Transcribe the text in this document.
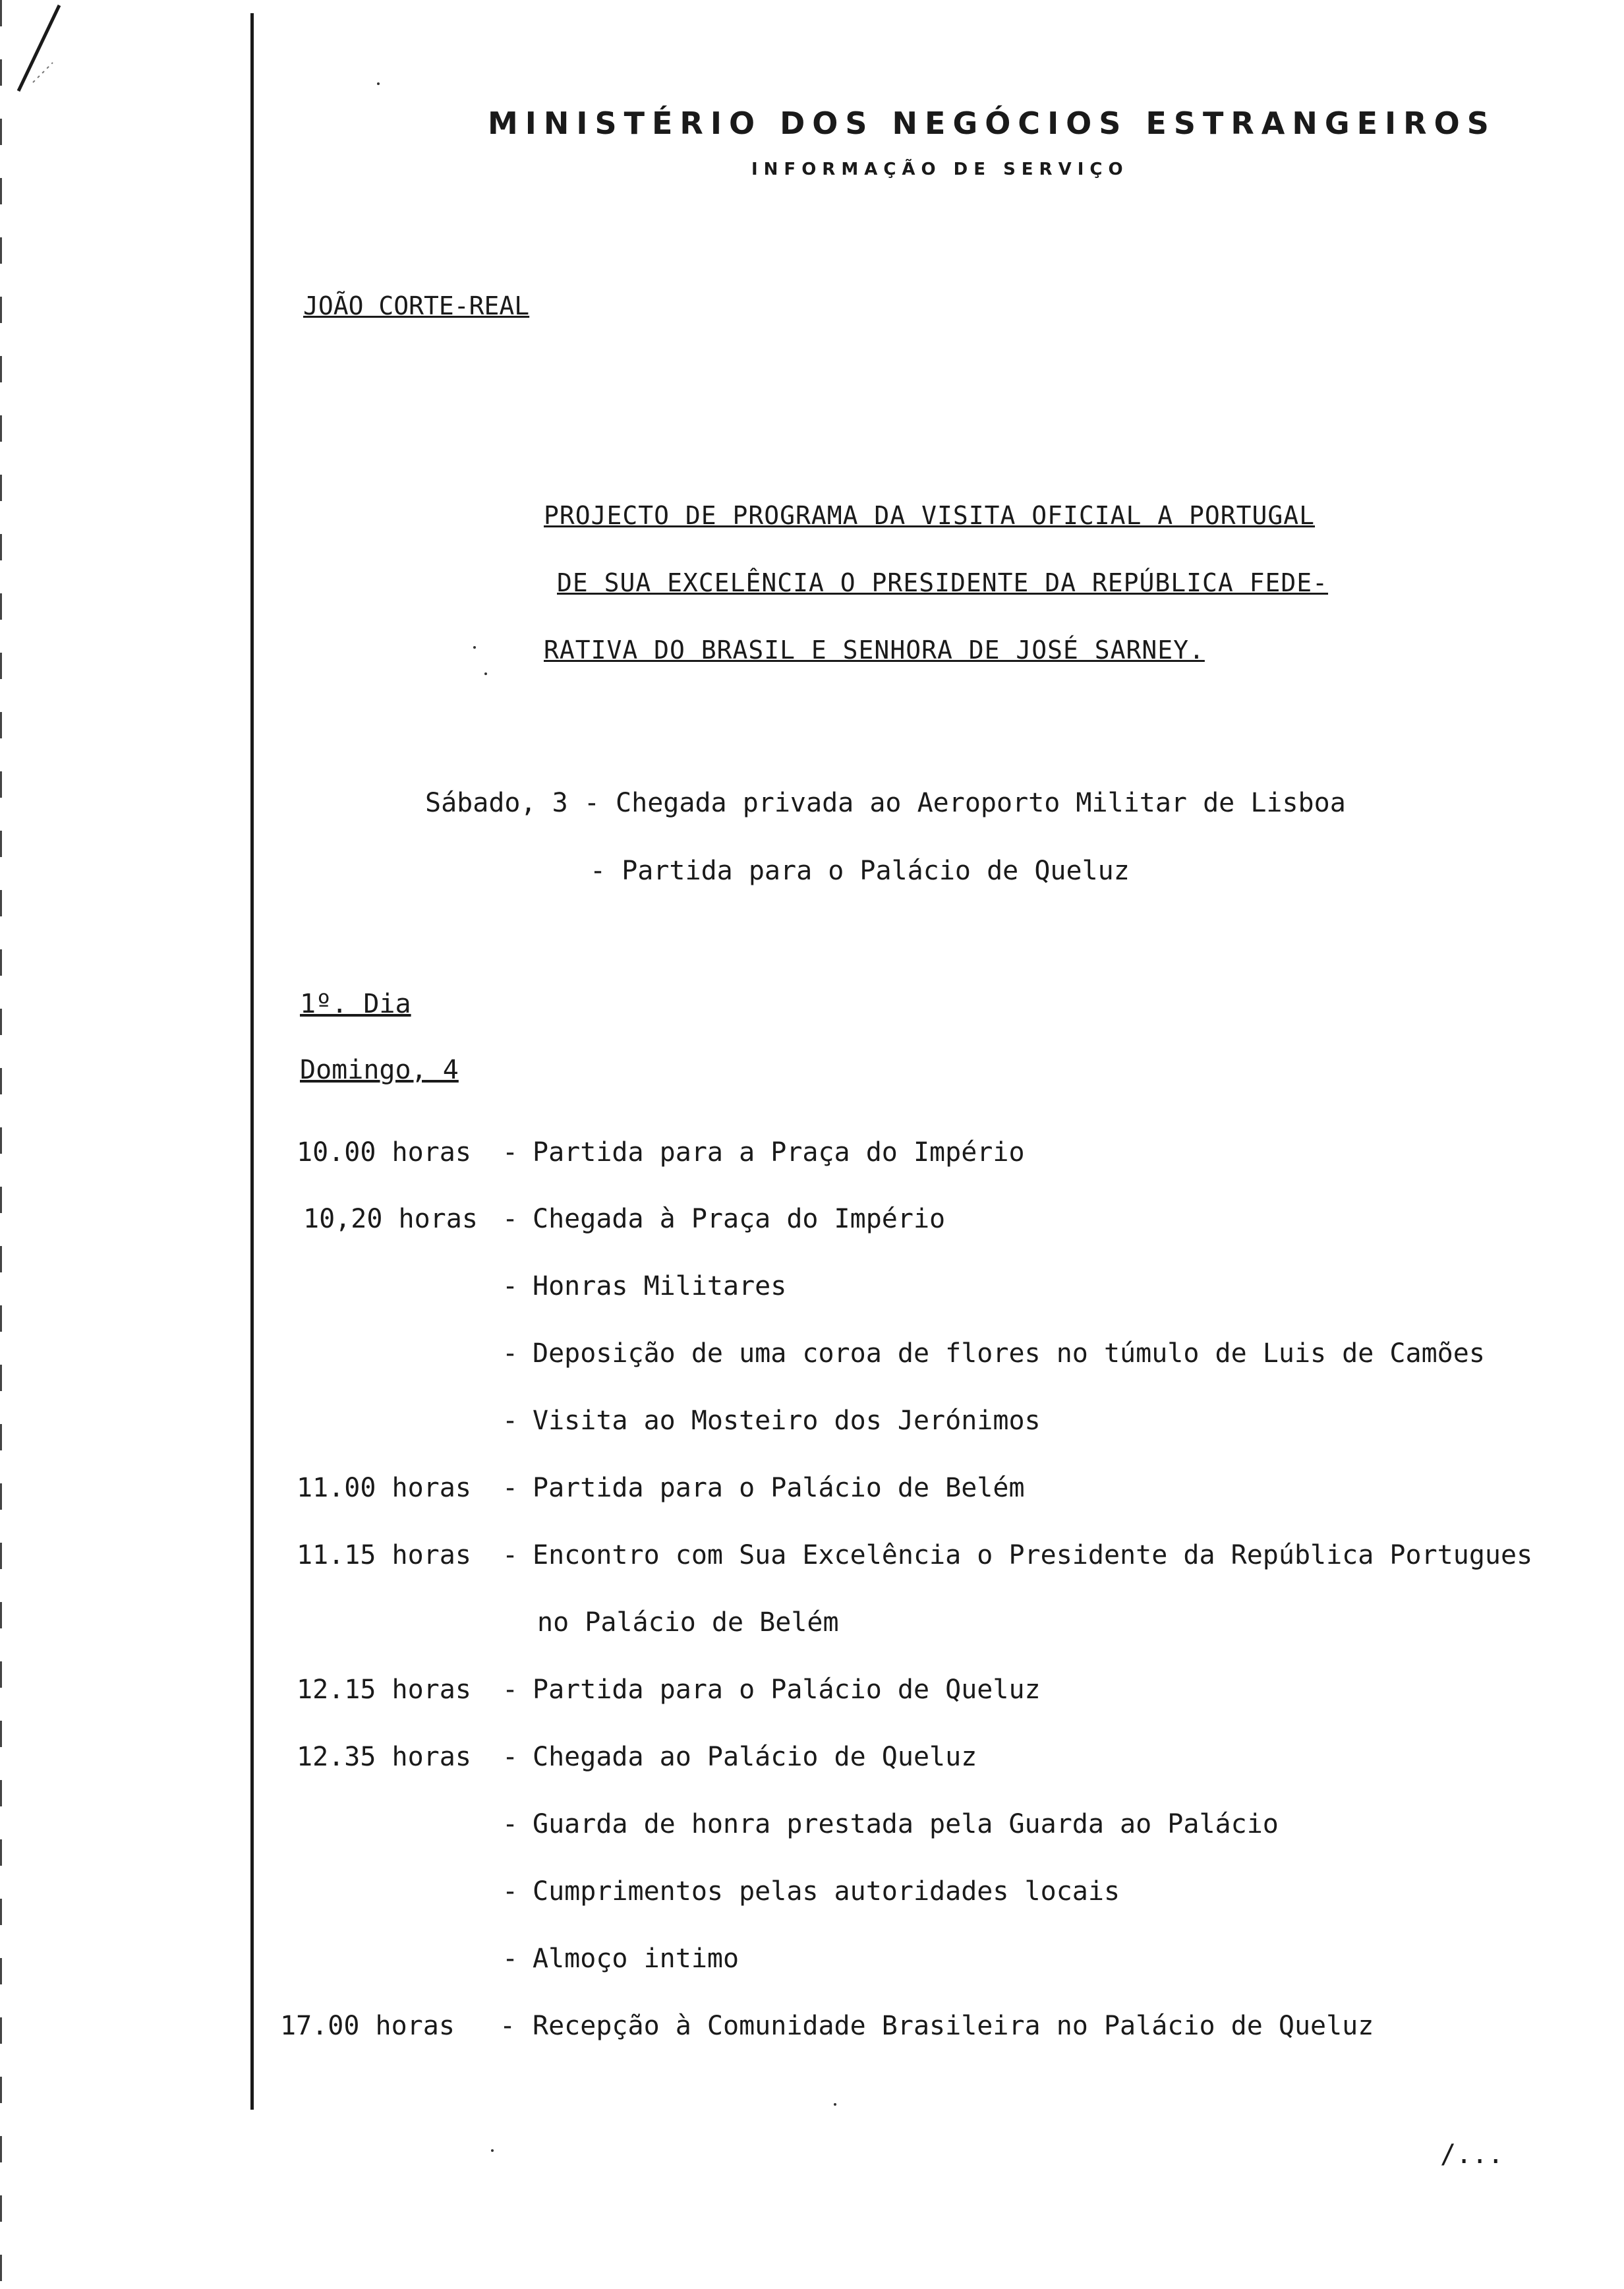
MINISTÉRIO DOS NEGÓCIOS ESTRANGEIROS
INFORMAÇÃO DE SERVIÇO
JOÃO CORTE-REAL
PROJECTO DE PROGRAMA DA VISITA OFICIAL A PORTUGAL
DE SUA EXCELÊNCIA O PRESIDENTE DA REPÚBLICA FEDE-
RATIVA DO BRASIL E SENHORA DE JOSÉ SARNEY.
Sábado, 3 - Chegada privada ao Aeroporto Militar de Lisboa
- Partida para o Palácio de Queluz
1º. Dia
Domingo, 4
10.00 horas - Partida para a Praça do Império
10,20 horas - Chegada à Praça do Império
- Honras Militares
- Deposição de uma coroa de flores no túmulo de Luis de Camões
- Visita ao Mosteiro dos Jerónimos
11.00 horas - Partida para o Palácio de Belém
11.15 horas - Encontro com Sua Excelência o Presidente da República Portugues
no Palácio de Belém
12.15 horas - Partida para o Palácio de Queluz
12.35 horas - Chegada ao Palácio de Queluz
- Guarda de honra prestada pela Guarda ao Palácio
- Cumprimentos pelas autoridades locais
- Almoço intimo
17.00 horas - Recepção à Comunidade Brasileira no Palácio de Queluz
/...
